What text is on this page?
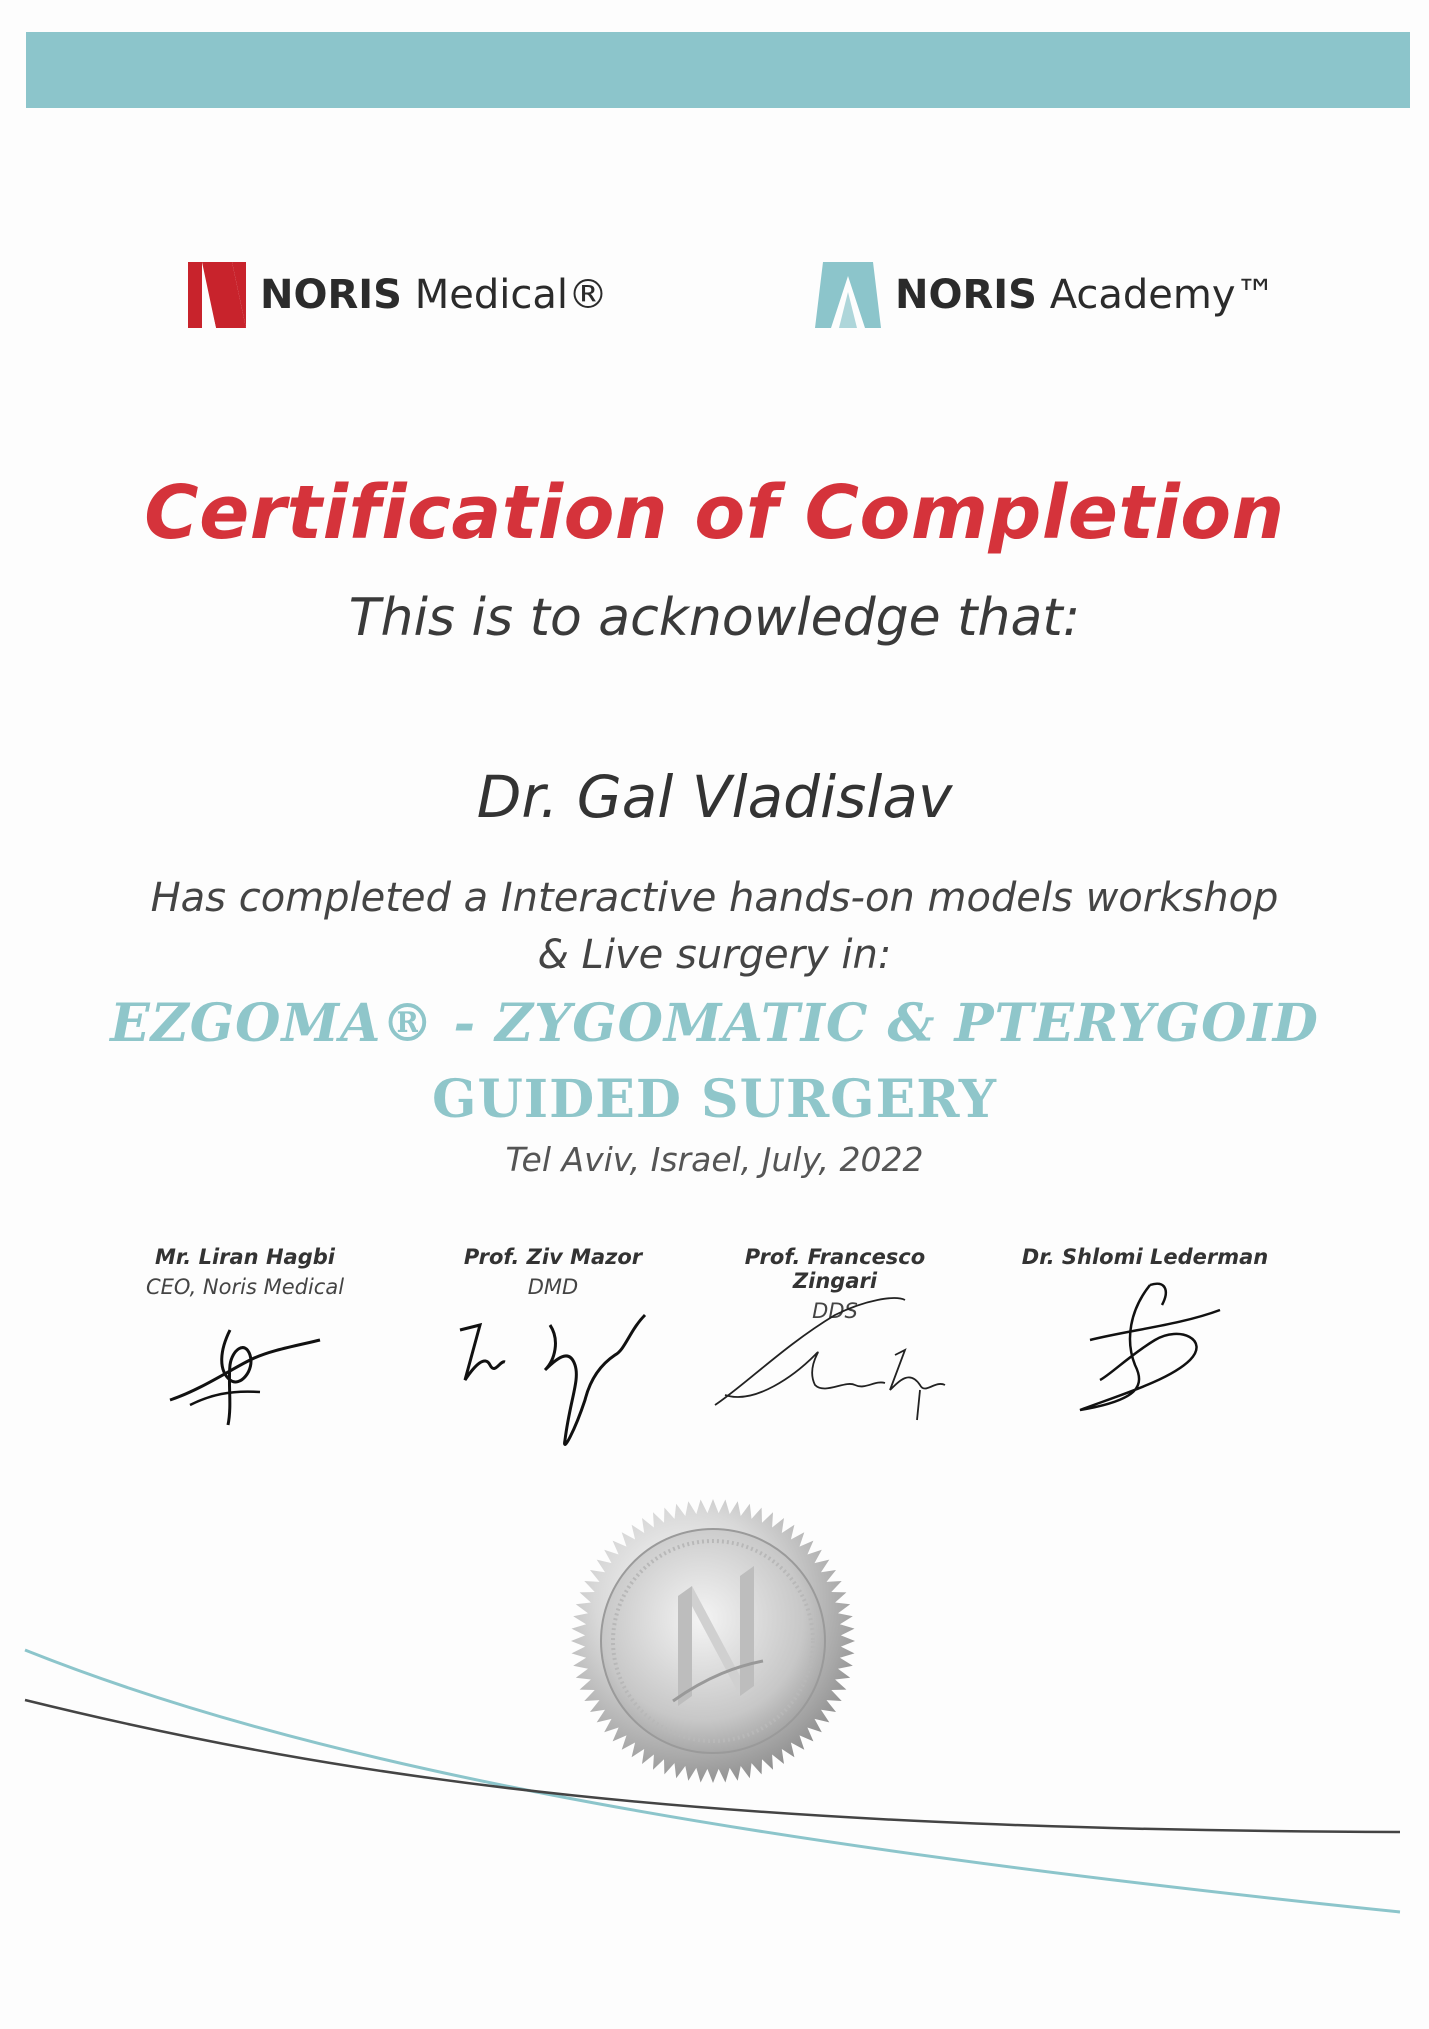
NORIS Medical®	NORIS Academy™
Certification of Completion
This is to acknowledge that:
Dr. Gal Vladislav
Has completed a Interactive hands-on models workshop
& Live surgery in:
EZGOMA® - ZYGOMATIC & PTERYGOID
GUIDED SURGERY
Tel Aviv, Israel, July, 2022
Mr. Liran Hagbi
CEO, Noris Medical
Prof. Ziv Mazor
DMD
Prof. Francesco Zingari
DDS
Dr. Shlomi Lederman
